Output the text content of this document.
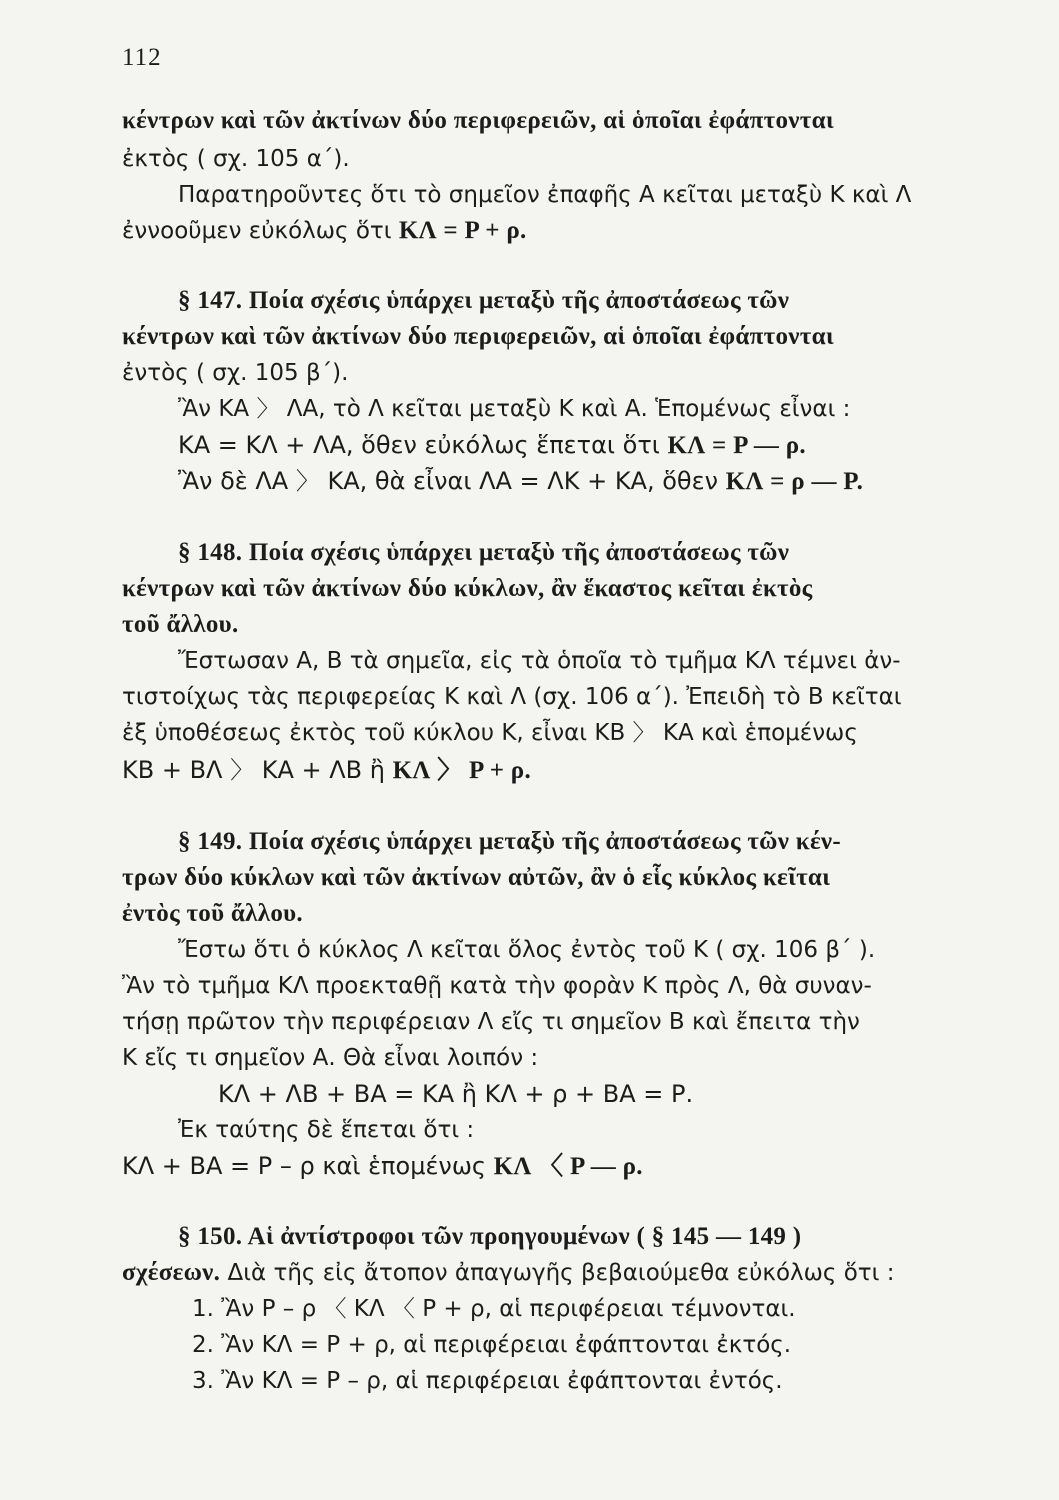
112
κέντρων καὶ τῶν ἀκτίνων δύο περιφερειῶν, αἱ ὁποῖαι ἐφάπτονται
ἐκτὸς ( σχ. 105 α΄).
Παρατηροῦντες ὅτι τὸ σημεῖον ἐπαφῆς Α κεῖται μεταξὺ Κ καὶ Λ
ἐννοοῦμεν εὐκόλως ὅτι ΚΛ = Ρ + ρ.
§ 147. Ποία σχέσις ὑπάρχει μεταξὺ τῆς ἀποστάσεως τῶν
κέντρων καὶ τῶν ἀκτίνων δύο περιφερειῶν, αἱ ὁποῖαι ἐφάπτονται
ἐντὸς ( σχ. 105 β΄).
Ἂν ΚΑ 〉 ΛΑ, τὸ Λ κεῖται μεταξὺ Κ καὶ Α. Ἑπομένως εἶναι :
ΚΑ = ΚΛ + ΛΑ, ὅθεν εὐκόλως ἕπεται ὅτι ΚΛ = Ρ — ρ.
Ἂν δὲ ΛΑ 〉 ΚΑ, θὰ εἶναι ΛΑ = ΛΚ + ΚΑ, ὅθεν ΚΛ = ρ — Ρ.
§ 148. Ποία σχέσις ὑπάρχει μεταξὺ τῆς ἀποστάσεως τῶν
κέντρων καὶ τῶν ἀκτίνων δύο κύκλων, ἂν ἕκαστος κεῖται ἐκτὸς
τοῦ ἄλλου.
Ἔστωσαν Α, Β τὰ σημεῖα, εἰς τὰ ὁποῖα τὸ τμῆμα ΚΛ τέμνει ἀν-
τιστοίχως τὰς περιφερείας Κ καὶ Λ (σχ. 106 α΄). Ἐπειδὴ τὸ Β κεῖται
ἐξ ὑποθέσεως ἐκτὸς τοῦ κύκλου Κ, εἶναι ΚΒ 〉 ΚΑ καὶ ἑπομένως
ΚΒ + ΒΛ 〉 ΚΑ + ΛΒ ἢ ΚΛ 〉 Ρ + ρ.
§ 149. Ποία σχέσις ὑπάρχει μεταξὺ τῆς ἀποστάσεως τῶν κέν-
τρων δύο κύκλων καὶ τῶν ἀκτίνων αὐτῶν, ἂν ὁ εἷς κύκλος κεῖται
ἐντὸς τοῦ ἄλλου.
Ἔστω ὅτι ὁ κύκλος Λ κεῖται ὅλος ἐντὸς τοῦ Κ ( σχ. 106 β΄ ).
Ἂν τὸ τμῆμα ΚΛ προεκταθῇ κατὰ τὴν φορὰν Κ πρὸς Λ, θὰ συναν-
τήσῃ πρῶτον τὴν περιφέρειαν Λ εἴς τι σημεῖον Β καὶ ἔπειτα τὴν
Κ εἴς τι σημεῖον Α. Θὰ εἶναι λοιπόν :
ΚΛ + ΛΒ + ΒΑ = ΚΑ ἢ ΚΛ + ρ + ΒΑ = Ρ.
Ἐκ ταύτης δὲ ἕπεται ὅτι :
ΚΛ + ΒΑ = Ρ – ρ καὶ ἑπομένως ΚΛ 〈 Ρ — ρ.
§ 150. Αἱ ἀντίστροφοι τῶν προηγουμένων ( § 145 — 149 )
σχέσεων. Διὰ τῆς εἰς ἄτοπον ἀπαγωγῆς βεβαιούμεθα εὐκόλως ὅτι :
1. Ἂν Ρ – ρ 〈 ΚΛ 〈 Ρ + ρ, αἱ περιφέρειαι τέμνονται.
2. Ἂν ΚΛ = Ρ + ρ, αἱ περιφέρειαι ἐφάπτονται ἐκτός.
3. Ἂν ΚΛ = Ρ – ρ, αἱ περιφέρειαι ἐφάπτονται ἐντός.
